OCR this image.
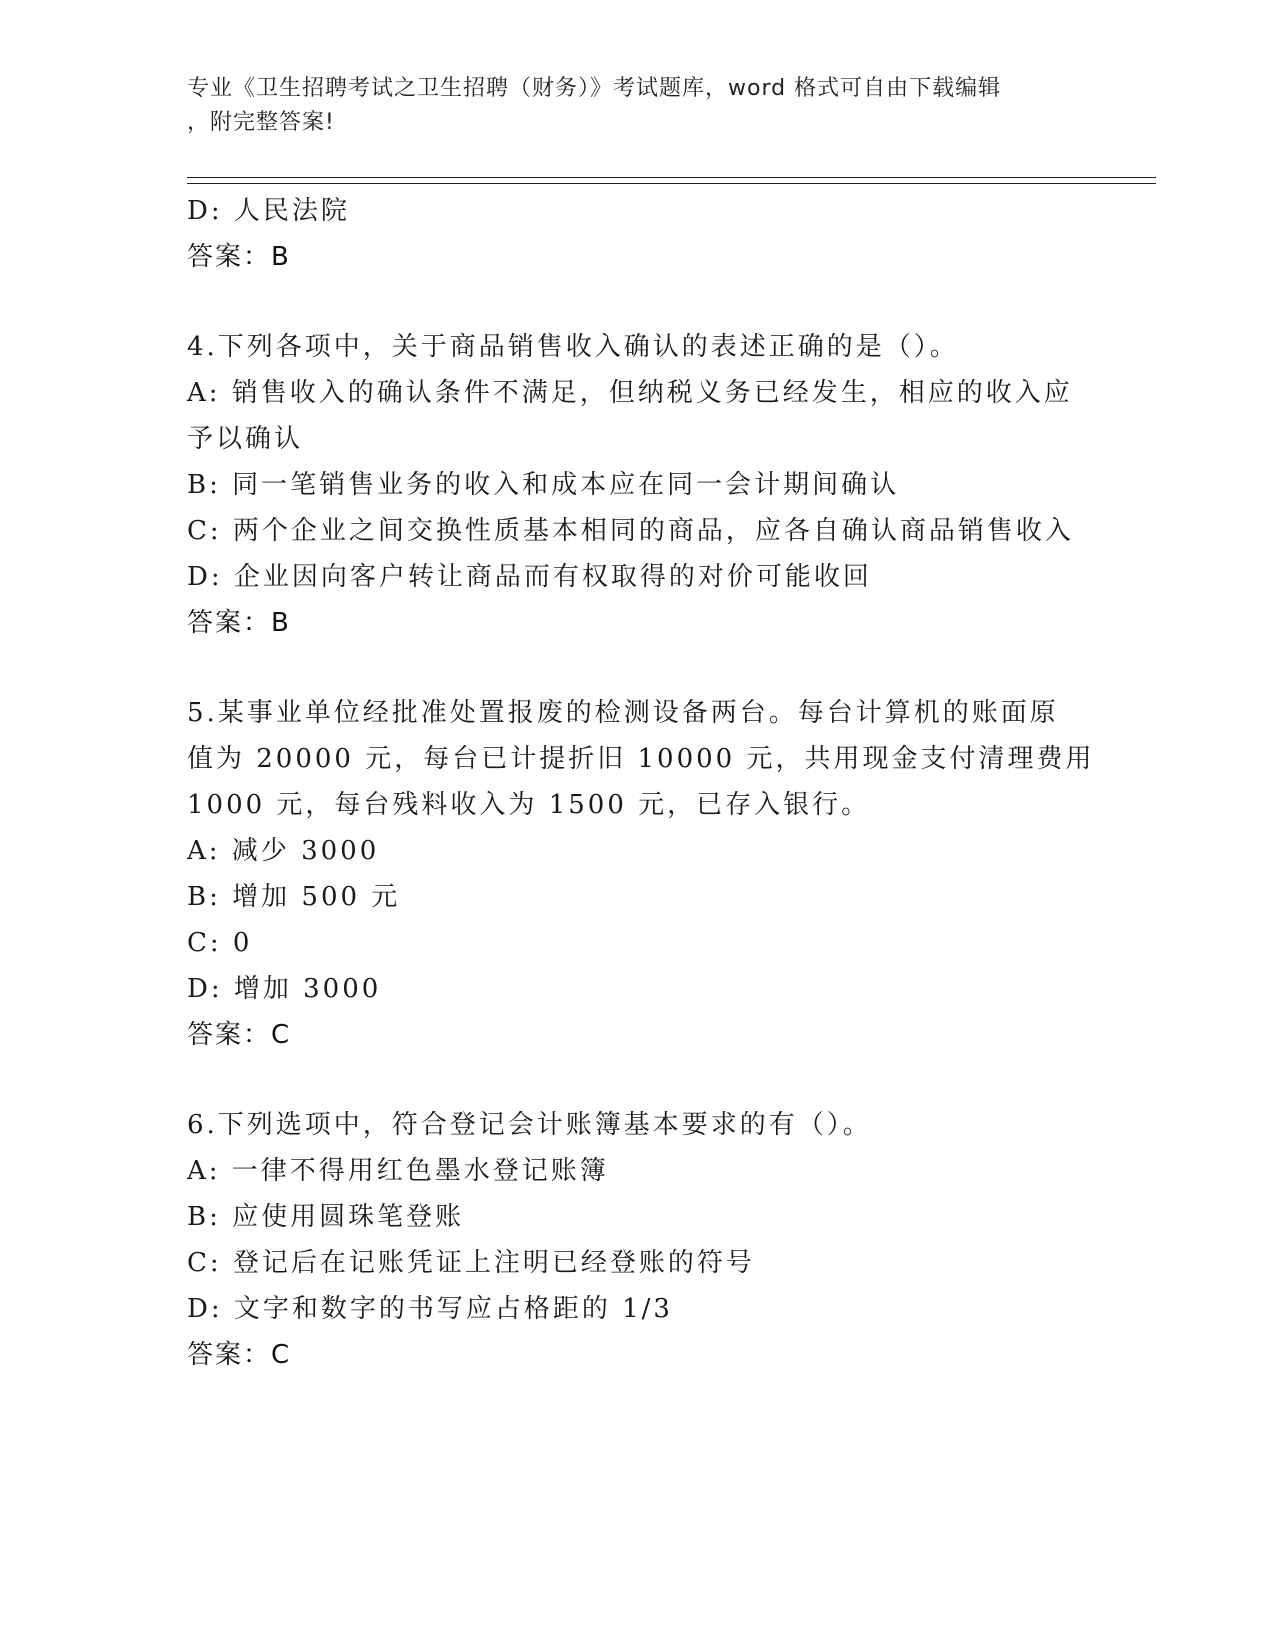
专业《卫生招聘考试之卫生招聘（财务）》考试题库，word 格式可自由下载编辑
，附完整答案!
D: 人民法院
答案：B
4.下列各项中，关于商品销售收入确认的表述正确的是（）。
A: 销售收入的确认条件不满足，但纳税义务已经发生，相应的收入应
予以确认
B: 同一笔销售业务的收入和成本应在同一会计期间确认
C: 两个企业之间交换性质基本相同的商品，应各自确认商品销售收入
D: 企业因向客户转让商品而有权取得的对价可能收回
答案：B
5.某事业单位经批准处置报废的检测设备两台。每台计算机的账面原
值为 20000 元，每台已计提折旧 10000 元，共用现金支付清理费用
1000 元，每台残料收入为 1500 元，已存入银行。
A: 减少 3000
B: 增加 500 元
C: 0
D: 增加 3000
答案：C
6.下列选项中，符合登记会计账簿基本要求的有（）。
A: 一律不得用红色墨水登记账簿
B: 应使用圆珠笔登账
C: 登记后在记账凭证上注明已经登账的符号
D: 文字和数字的书写应占格距的 1/3
答案：C
